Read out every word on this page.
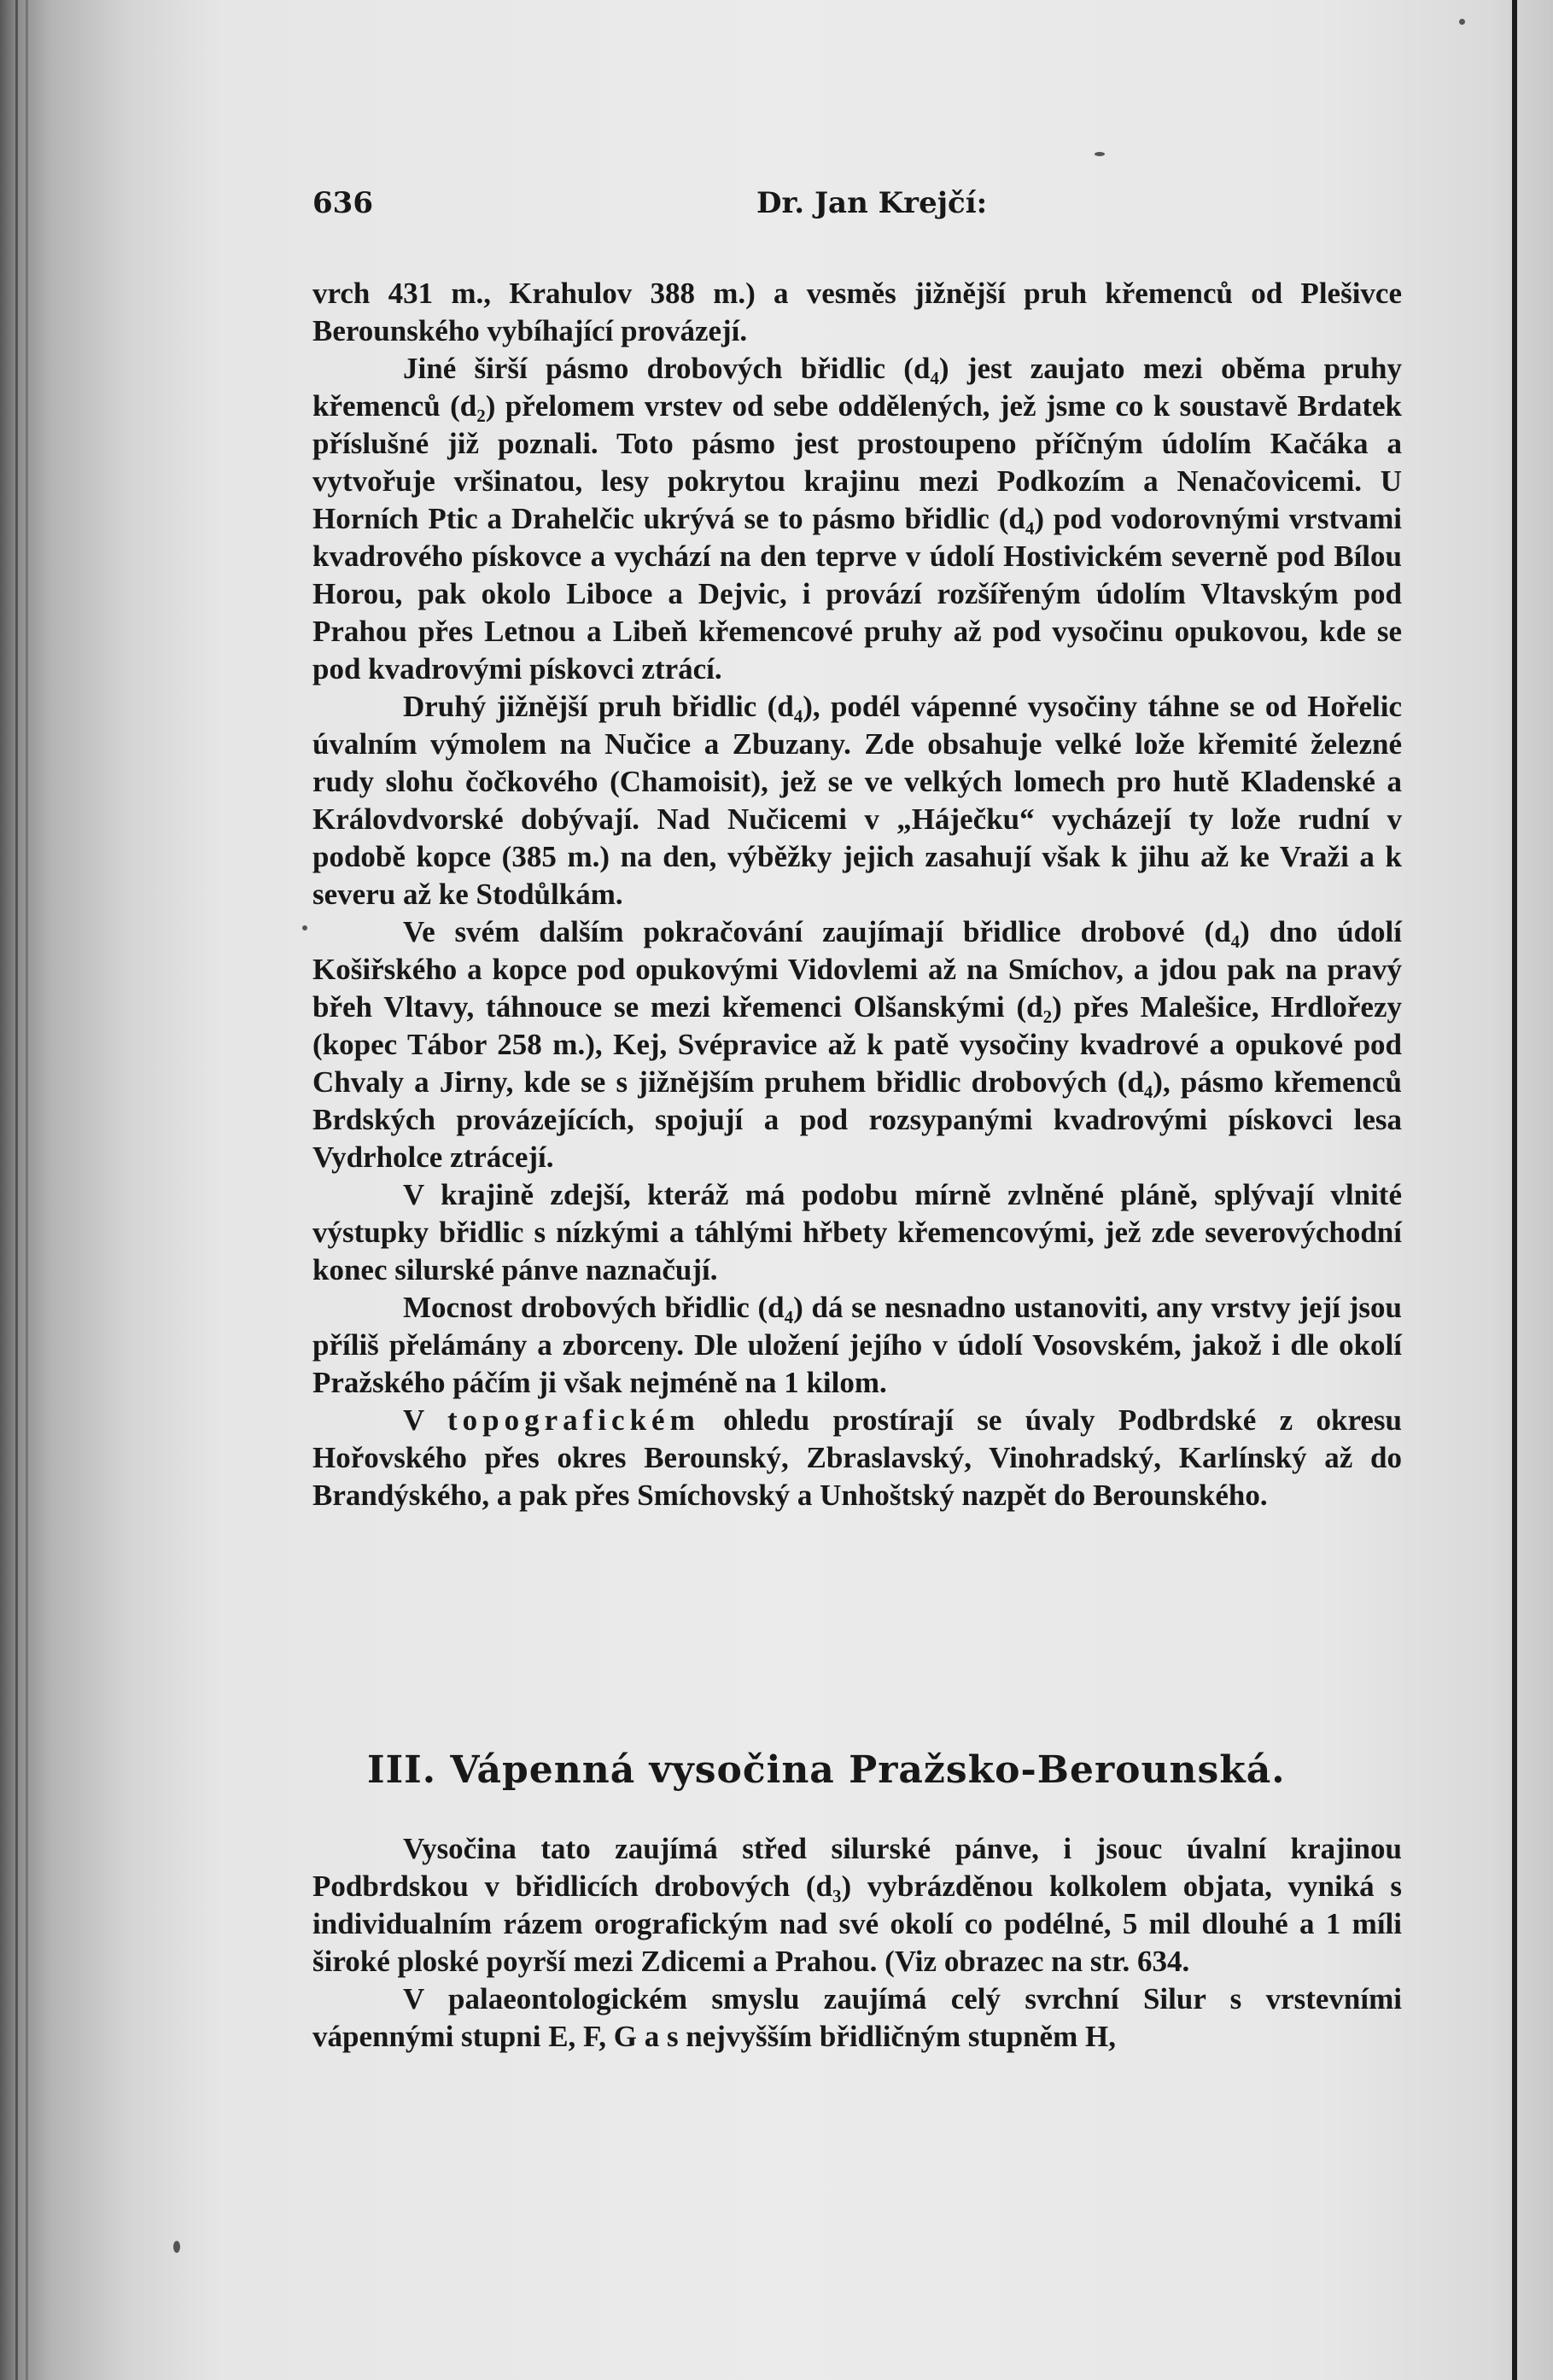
636	Dr. Jan Krejčí:

vrch 431 m., Krahulov 388 m.) a vesměs jižnější pruh křemenců od Plešivce Berounského vybíhající provázejí.

Jiné širší pásmo drobových břidlic (d₄) jest zaujato mezi oběma pruhy křemenců (d₂) přelomem vrstev od sebe oddělených, jež jsme co k soustavě Brdatek příslušné již poznali. Toto pásmo jest prostoupeno příčným údolím Kačáka a vytvořuje vršinatou, lesy pokrytou krajinu mezi Podkozím a Nenačovicemi. U Horních Ptic a Drahelčic ukrývá se to pásmo břidlic (d₄) pod vodorovnými vrstvami kvadrového pískovce a vychází na den teprve v údolí Hostivickém severně pod Bílou Horou, pak okolo Liboce a Dejvic, i provází rozšířeným údolím Vltavským pod Prahou přes Letnou a Libeň křemencové pruhy až pod vysočinu opukovou, kde se pod kvadrovými pískovci ztrácí.

Druhý jižnější pruh břidlic (d₄), podél vápenné vysočiny táhne se od Hořelic úvalním výmolem na Nučice a Zbuzany. Zde obsahuje velké lože křemité železné rudy slohu čočkového (Chamoisit), jež se ve velkých lomech pro hutě Kladenské a Královdvorské dobývají. Nad Nučicemi v „Háječku“ vycházejí ty lože rudní v podobě kopce (385 m.) na den, výběžky jejich zasahují však k jihu až ke Vraži a k severu až ke Stodůlkám.

Ve svém dalším pokračování zaujímají břidlice drobové (d₄) dno údolí Košiřského a kopce pod opukovými Vidovlemi až na Smíchov, a jdou pak na pravý břeh Vltavy, táhnouce se mezi křemenci Olšanskými (d₂) přes Malešice, Hrdlořezy (kopec Tábor 258 m.), Kej, Svépravice až k patě vysočiny kvadrové a opukové pod Chvaly a Jirny, kde se s jižnějším pruhem břidlic drobových (d₄), pásmo křemenců Brdských provázejících, spojují a pod rozsypanými kvadrovými pískovci lesa Vydrholce ztrácejí.

V krajině zdejší, kteráž má podobu mírně zvlněné pláně, splývají vlnité výstupky břidlic s nízkými a táhlými hřbety křemencovými, jež zde severovýchodní konec silurské pánve naznačují.

Mocnost drobových břidlic (d₄) dá se nesnadno ustanoviti, any vrstvy její jsou příliš přelámány a zborceny. Dle uložení jejího v údolí Vosovském, jakož i dle okolí Pražského páčím ji však nejméně na 1 kilom.

V topografickém ohledu prostírají se úvaly Podbrdské z okresu Hořovského přes okres Berounský, Zbraslavský, Vinohradský, Karlínský až do Brandýského, a pak přes Smíchovský a Unhoštský nazpět do Berounského.

III. Vápenná vysočina Pražsko-Berounská.

Vysočina tato zaujímá střed silurské pánve, i jsouc úvalní krajinou Podbrdskou v břidlicích drobových (d₃) vybrázděnou kolkolem objata, vyniká s individualním rázem orografickým nad své okolí co podélné, 5 mil dlouhé a 1 míli široké ploské poyrší mezi Zdicemi a Prahou. (Viz obrazec na str. 634.

V palaeontologickém smyslu zaujímá celý svrchní Silur s vrstevními vápennými stupni E, F, G a s nejvyšším břidličným stupněm H,
